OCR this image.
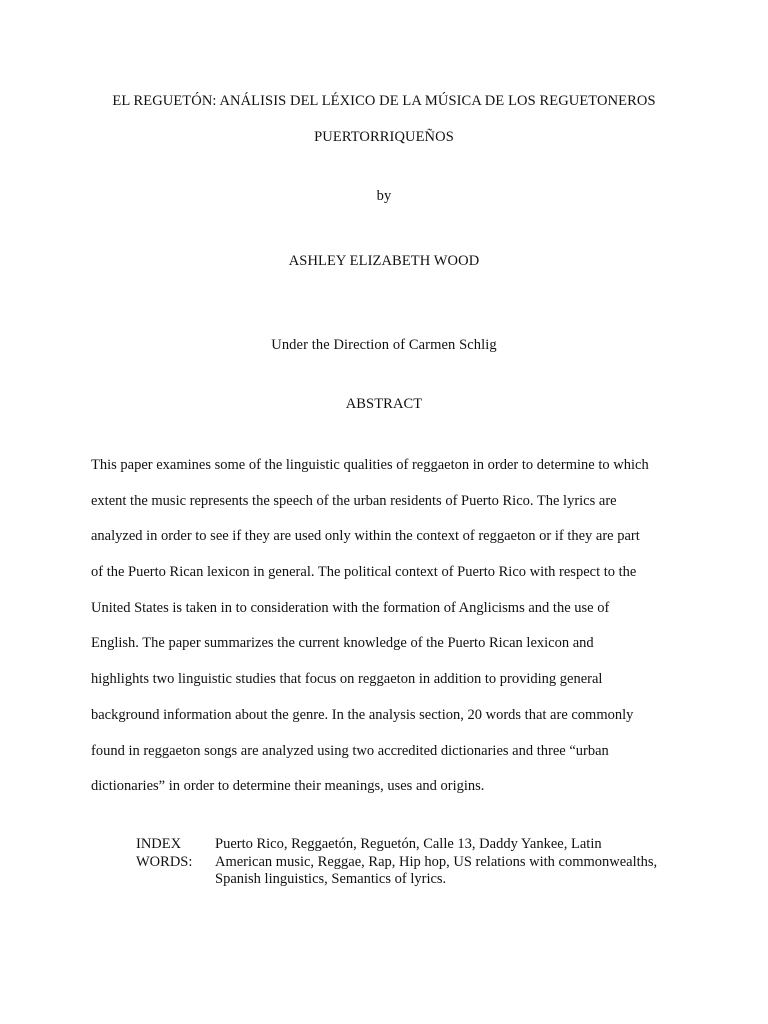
EL REGUETÓN: ANÁLISIS DEL LÉXICO DE LA MÚSICA DE LOS REGUETONEROS
PUERTORRIQUEÑOS
by
ASHLEY ELIZABETH WOOD
Under the Direction of Carmen Schlig
ABSTRACT
This paper examines some of the linguistic qualities of reggaeton in order to determine to which
extent the music represents the speech of the urban residents of Puerto Rico. The lyrics are
analyzed in order to see if they are used only within the context of reggaeton or if they are part
of the Puerto Rican lexicon in general. The political context of Puerto Rico with respect to the
United States is taken in to consideration with the formation of Anglicisms and the use of
English. The paper summarizes the current knowledge of the Puerto Rican lexicon and
highlights two linguistic studies that focus on reggaeton in addition to providing general
background information about the genre. In the analysis section, 20 words that are commonly
found in reggaeton songs are analyzed using two accredited dictionaries and three “urban
dictionaries” in order to determine their meanings, uses and origins.
INDEX
WORDS:
Puerto Rico, Reggaetón, Reguetón, Calle 13, Daddy Yankee, Latin
American music, Reggae, Rap, Hip hop, US relations with commonwealths,
Spanish linguistics, Semantics of lyrics.
